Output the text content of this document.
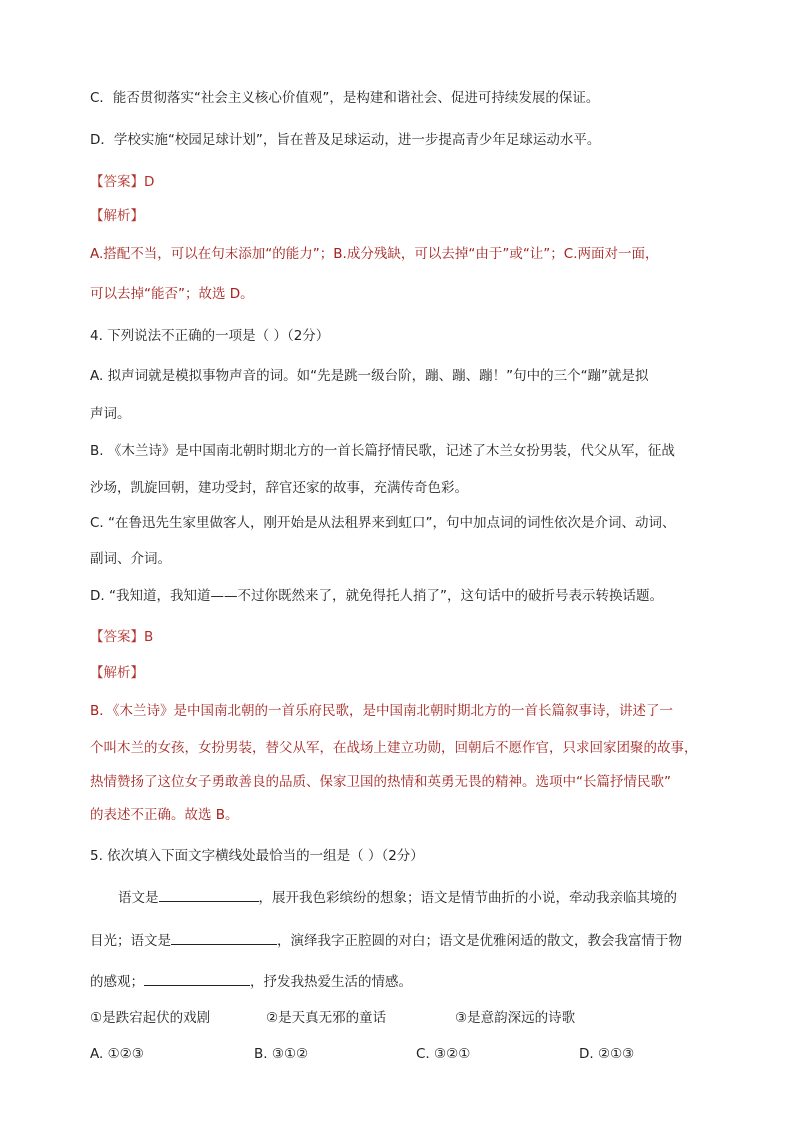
C．能否贯彻落实“社会主义核心价值观”，是构建和谐社会、促进可持续发展的保证。
D．学校实施“校园足球计划”，旨在普及足球运动，进一步提高青少年足球运动水平。
【答案】D
【解析】
A.搭配不当，可以在句末添加“的能力”；B.成分残缺，可以去掉“由于”或“让”；C.两面对一面，
可以去掉“能否”；故选 D。
4. 下列说法不正确的一项是（ ）（2分）
A. 拟声词就是模拟事物声音的词。如“先是跳一级台阶，蹦、蹦、蹦！”句中的三个“蹦”就是拟
声词。
B. 《木兰诗》是中国南北朝时期北方的一首长篇抒情民歌，记述了木兰女扮男装，代父从军，征战
沙场，凯旋回朝，建功受封，辞官还家的故事，充满传奇色彩。
C. “在鲁迅先生家里做客人，刚开始是从法租界来到虹口”，句中加点词的词性依次是介词、动词、
副词、介词。
D. “我知道，我知道——不过你既然来了，就免得托人捎了”，这句话中的破折号表示转换话题。
【答案】B
【解析】
B．《木兰诗》是中国南北朝的一首乐府民歌，是中国南北朝时期北方的一首长篇叙事诗，讲述了一
个叫木兰的女孩，女扮男装，替父从军，在战场上建立功勋，回朝后不愿作官，只求回家团聚的故事，
热情赞扬了这位女子勇敢善良的品质、保家卫国的热情和英勇无畏的精神。选项中“长篇抒情民歌”
的表述不正确。故选 B。
5. 依次填入下面文字横线处最恰当的一组是（ ）（2分）
语文是	，展开我色彩缤纷的想象；语文是情节曲折的小说，牵动我亲临其境的
目光；语文是	，演绎我字正腔圆的对白；语文是优雅闲适的散文，教会我富情于物
的感观；	，抒发我热爱生活的情感。
①是跌宕起伏的戏剧	②是天真无邪的童话	③是意韵深远的诗歌
A. ①②③	B. ③①②	C. ③②①	D. ②①③
